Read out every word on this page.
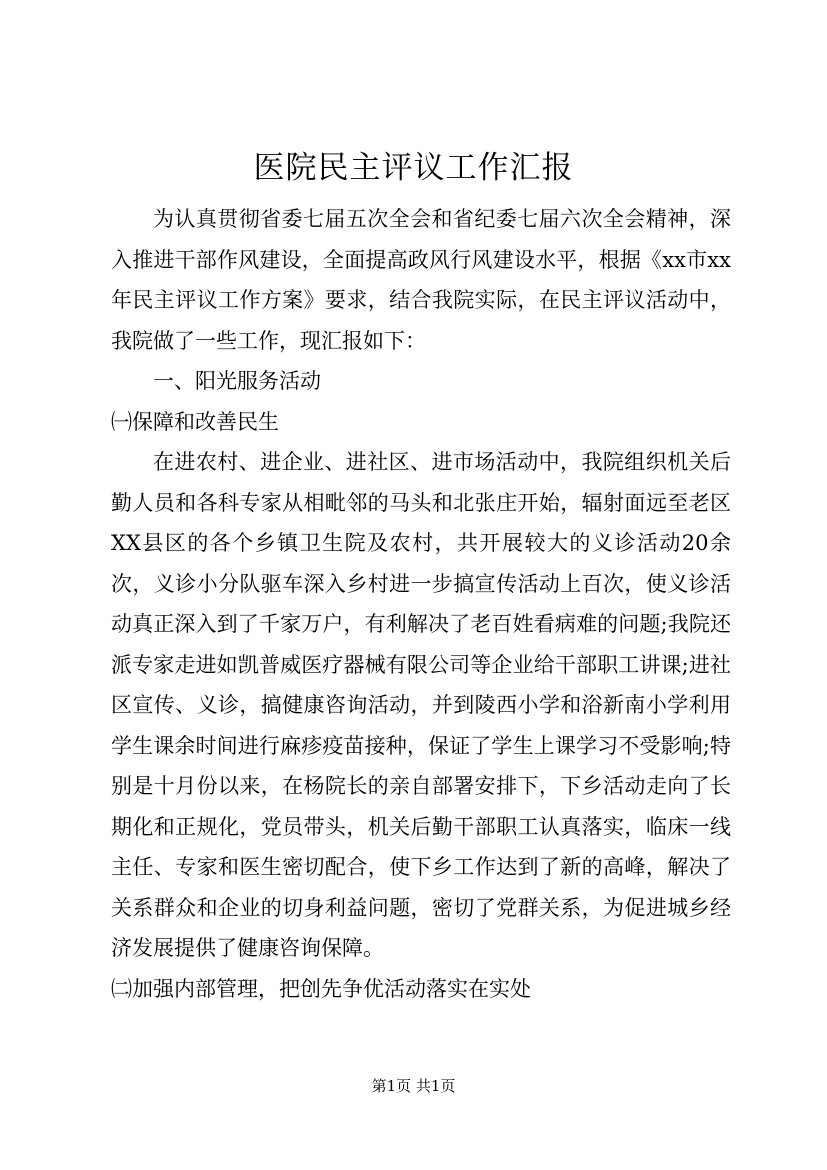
医院民主评议工作汇报

为认真贯彻省委七届五次全会和省纪委七届六次全会精神，深入推进干部作风建设，全面提高政风行风建设水平，根据《xx市xx年民主评议工作方案》要求，结合我院实际，在民主评议活动中，我院做了一些工作，现汇报如下：

一、阳光服务活动

㈠保障和改善民生

在进农村、进企业、进社区、进市场活动中，我院组织机关后勤人员和各科专家从相毗邻的马头和北张庄开始，辐射面远至老区XX县区的各个乡镇卫生院及农村，共开展较大的义诊活动20余次，义诊小分队驱车深入乡村进一步搞宣传活动上百次，使义诊活动真正深入到了千家万户，有利解决了老百姓看病难的问题;我院还派专家走进如凯普威医疗器械有限公司等企业给干部职工讲课;进社区宣传、义诊，搞健康咨询活动，并到陵西小学和浴新南小学利用学生课余时间进行麻疹疫苗接种，保证了学生上课学习不受影响;特别是十月份以来，在杨院长的亲自部署安排下，下乡活动走向了长期化和正规化，党员带头，机关后勤干部职工认真落实，临床一线主任、专家和医生密切配合，使下乡工作达到了新的高峰，解决了关系群众和企业的切身利益问题，密切了党群关系，为促进城乡经济发展提供了健康咨询保障。

㈡加强内部管理，把创先争优活动落实在实处

第1页 共1页
